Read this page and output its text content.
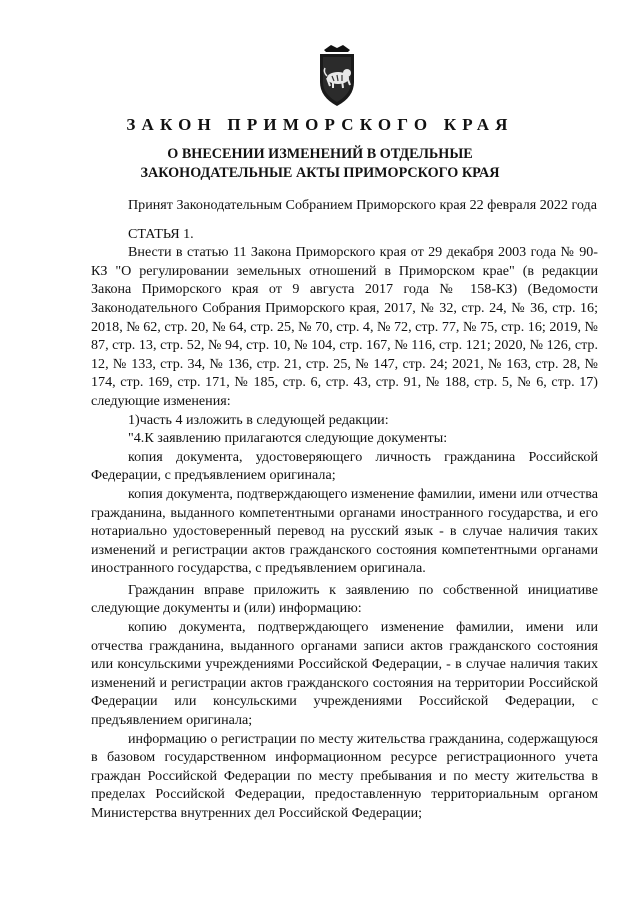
ЗАКОН ПРИМОРСКОГО КРАЯ
О ВНЕСЕНИИ ИЗМЕНЕНИЙ В ОТДЕЛЬНЫЕ
ЗАКОНОДАТЕЛЬНЫЕ АКТЫ ПРИМОРСКОГО КРАЯ

Принят Законодательным Собранием Приморского края 22 февраля 2022 года

СТАТЬЯ 1.

Внести в статью 11 Закона Приморского края от 29 декабря 2003 года № 90-КЗ "О регулировании земельных отношений в Приморском крае" (в редакции Закона Приморского края от 9 августа 2017 года № 158-КЗ) (Ведомости Законодательного Собрания Приморского края, 2017, № 32, стр. 24, № 36, стр. 16; 2018, № 62, стр. 20, № 64, стр. 25, № 70, стр. 4, № 72, стр. 77, № 75, стр. 16; 2019, № 87, стр. 13, стр. 52, № 94, стр. 10, № 104, стр. 167, № 116, стр. 121; 2020, № 126, стр. 12, № 133, стр. 34, № 136, стр. 21, стр. 25, № 147, стр. 24; 2021, № 163, стр. 28, № 174, стр. 169, стр. 171, № 185, стр. 6, стр. 43, стр. 91, № 188, стр. 5, № 6, стр. 17) следующие изменения:

1)часть 4 изложить в следующей редакции:

"4.К заявлению прилагаются следующие документы:

копия документа, удостоверяющего личность гражданина Российской Федерации, с предъявлением оригинала;

копия документа, подтверждающего изменение фамилии, имени или отчества гражданина, выданного компетентными органами иностранного государства, и его нотариально удостоверенный перевод на русский язык - в случае наличия таких изменений и регистрации актов гражданского состояния компетентными органами иностранного государства, с предъявлением оригинала.

Гражданин вправе приложить к заявлению по собственной инициативе следующие документы и (или) информацию:

копию документа, подтверждающего изменение фамилии, имени или отчества гражданина, выданного органами записи актов гражданского состояния или консульскими учреждениями Российской Федерации, - в случае наличия таких изменений и регистрации актов гражданского состояния на территории Российской Федерации или консульскими учреждениями Российской Федерации, с предъявлением оригинала;

информацию о регистрации по месту жительства гражданина, содержащуюся в базовом государственном информационном ресурсе регистрационного учета граждан Российской Федерации по месту пребывания и по месту жительства в пределах Российской Федерации, предоставленную территориальным органом Министерства внутренних дел Российской Федерации;
